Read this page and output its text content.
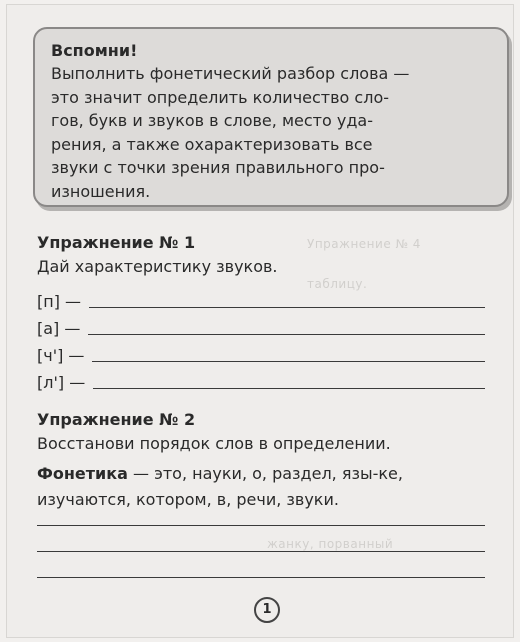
Упражнение № 4
таблицу.
жанку, порванный
Вспомни!
Выполнить фонетический разбор слова —
это значит определить количество сло-
гов, букв и звуков в слове, место уда-
рения, а также охарактеризовать все
звуки с точки зрения правильного про-
изношения.
Упражнение № 1
Дай характеристику звуков.
[п] —
[а] —
[ч'] —
[л'] —
Упражнение № 2
Восстанови порядок слов в определении.
Фонетика — это, науки, о, раздел, язы-ке, изучаются, котором, в, речи, звуки.
1
